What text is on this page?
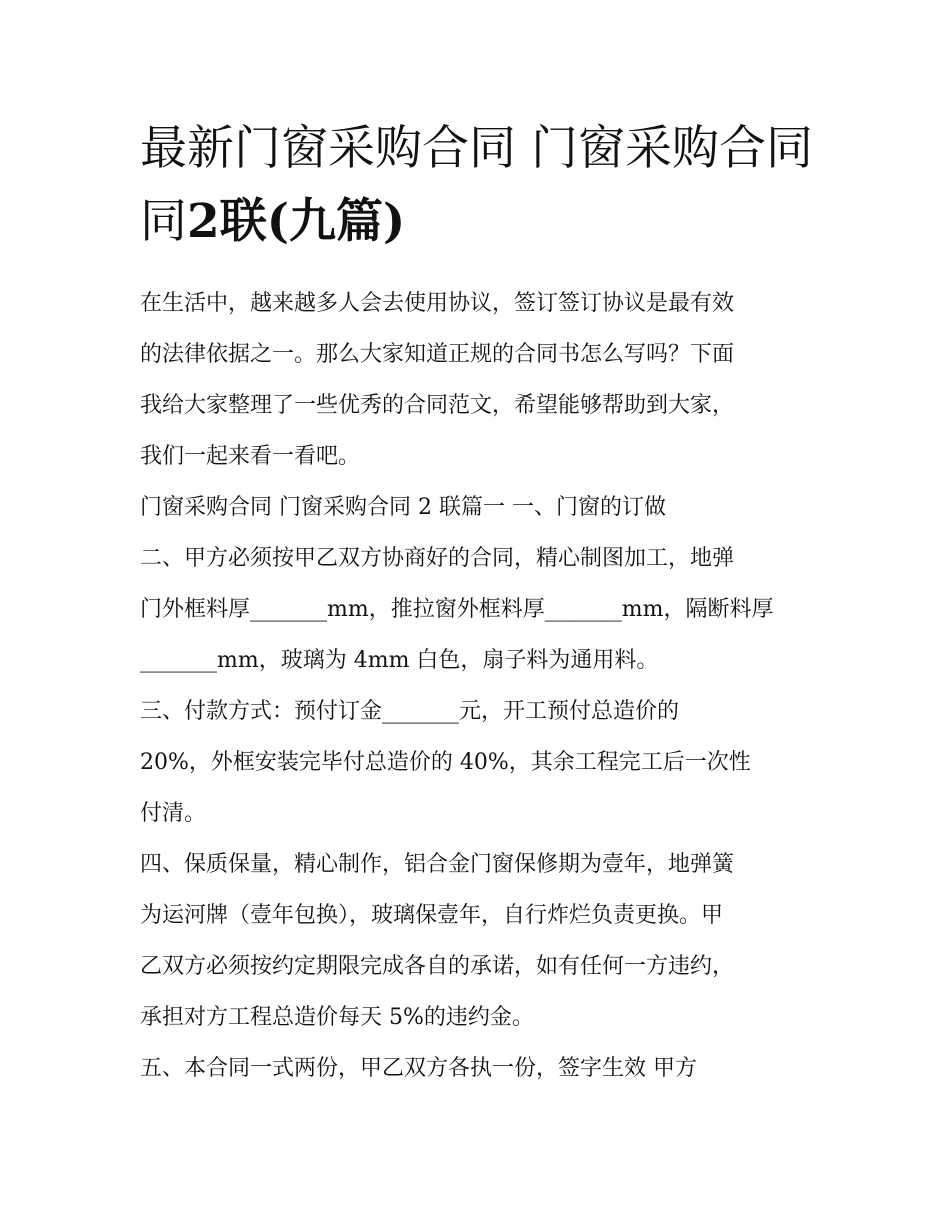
最新门窗采购合同 门窗采购合同
同2联(九篇)
在生活中，越来越多人会去使用协议，签订签订协议是最有效
的法律依据之一。那么大家知道正规的合同书怎么写吗？下面
我给大家整理了一些优秀的合同范文，希望能够帮助到大家，
我们一起来看一看吧。
门窗采购合同 门窗采购合同 2 联篇一 一、门窗的订做
二、甲方必须按甲乙双方协商好的合同，精心制图加工，地弹
门外框料厚_______mm，推拉窗外框料厚_______mm，隔断料厚
_______mm，玻璃为 4mm 白色，扇子料为通用料。
三、付款方式：预付订金_______元，开工预付总造价的
20%，外框安装完毕付总造价的 40%，其余工程完工后一次性
付清。
四、保质保量，精心制作，铝合金门窗保修期为壹年，地弹簧
为运河牌（壹年包换），玻璃保壹年，自行炸烂负责更换。甲
乙双方必须按约定期限完成各自的承诺，如有任何一方违约，
承担对方工程总造价每天 5%的违约金。
五、本合同一式两份，甲乙双方各执一份，签字生效 甲方
